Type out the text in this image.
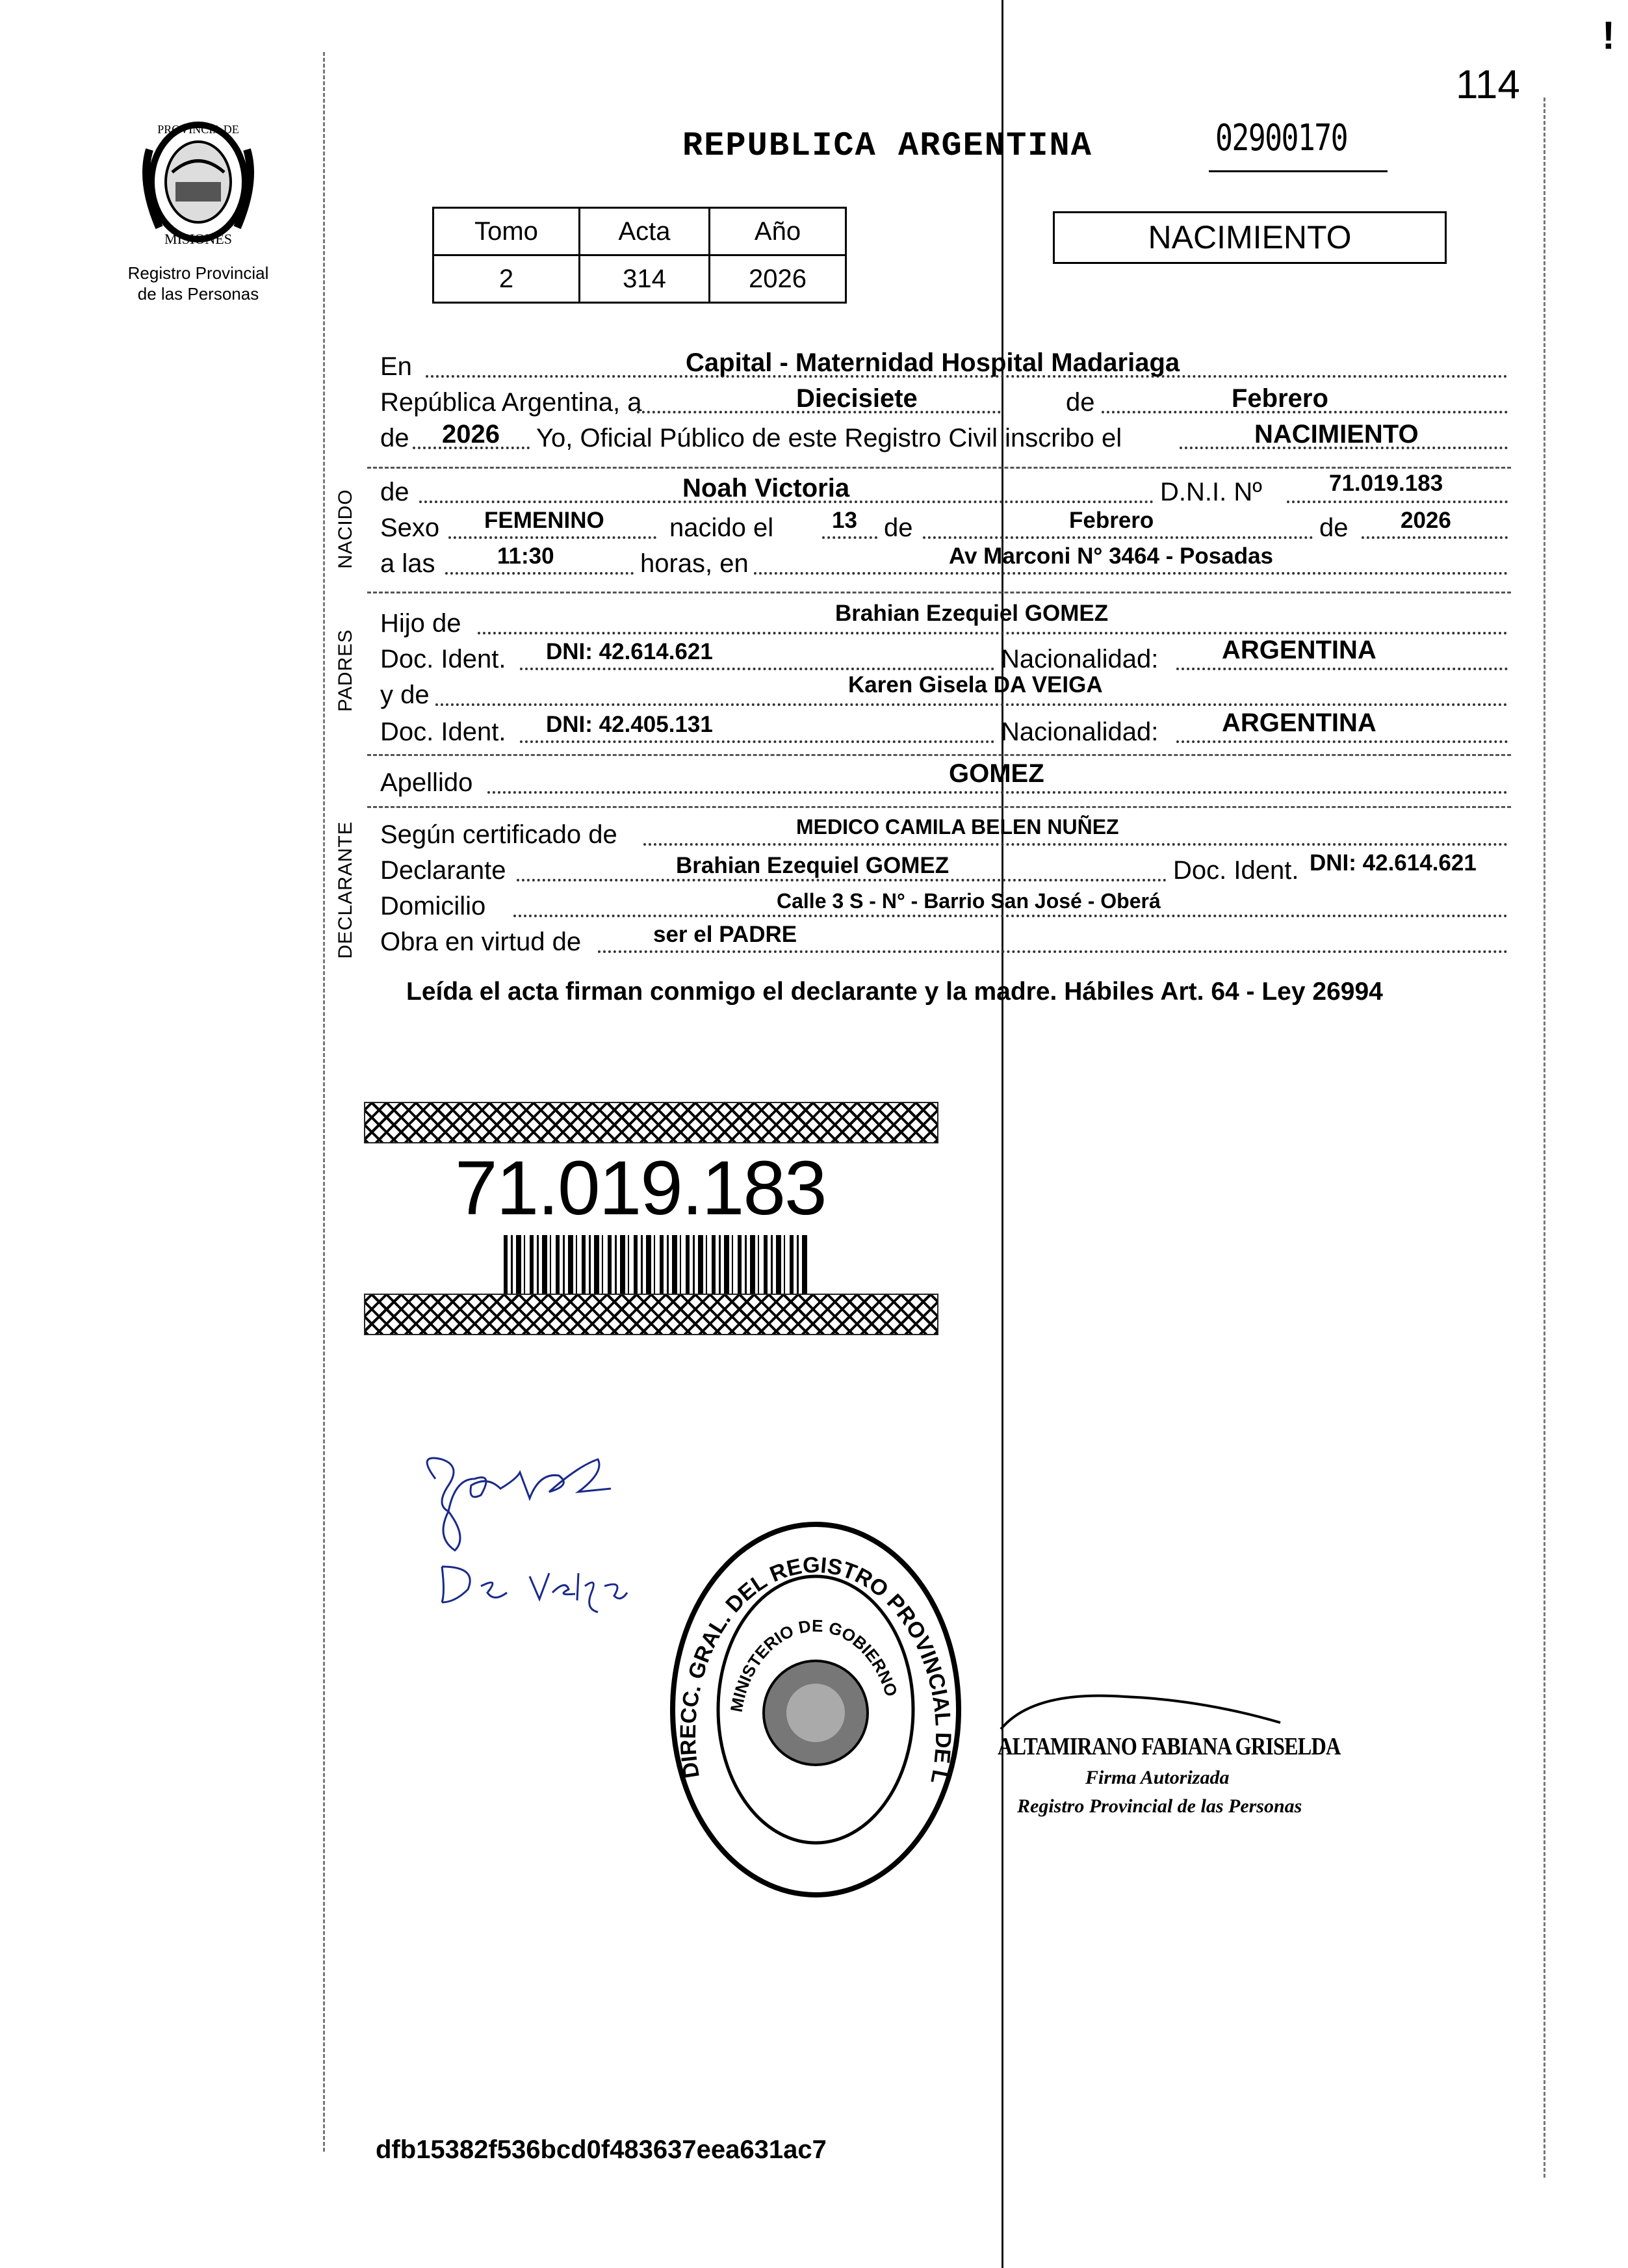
114
!
PROVINCIA DE
MISIONES
Registro Provincial
de las Personas
REPUBLICA ARGENTINA	02900170
Tomo	Acta	Año
2	314	2026
NACIMIENTO
NACIDO
PADRES
DECLARANTE
En	Capital - Maternidad Hospital Madariaga
República Argentina, a	Diecisiete	de	Febrero
de 2026 Yo, Oficial Público de este Registro Civil inscribo el	NACIMIENTO
de	Noah Victoria	D.N.I. Nº	71.019.183
Sexo FEMENINO	nacido el	13 de	Febrero	de 2026
a las	11:30	horas, en	Av Marconi N° 3464 - Posadas
Hijo de	Brahian Ezequiel GOMEZ
Doc. Ident. DNI: 42.614.621	Nacionalidad: ARGENTINA
y de	Karen Gisela DA VEIGA
Doc. Ident. DNI: 42.405.131	Nacionalidad: ARGENTINA
Apellido	GOMEZ
Según certificado de	MEDICO CAMILA BELEN NUÑEZ
Declarante	Brahian Ezequiel GOMEZ	Doc. Ident. DNI: 42.614.621
Domicilio	Calle 3 S - N° - Barrio San José - Oberá
Obra en virtud de	ser el PADRE
Leída el acta firman conmigo el declarante y la madre. Hábiles Art. 64 - Ley 26994
71.019.183
DIRECC. GRAL. DEL REGISTRO PROVINCIAL DE L
MINISTERIO DE GOBIERNO
ALTAMIRANO FABIANA GRISELDA
Firma Autorizada
Registro Provincial de las Personas
dfb15382f536bcd0f483637eea631ac7
